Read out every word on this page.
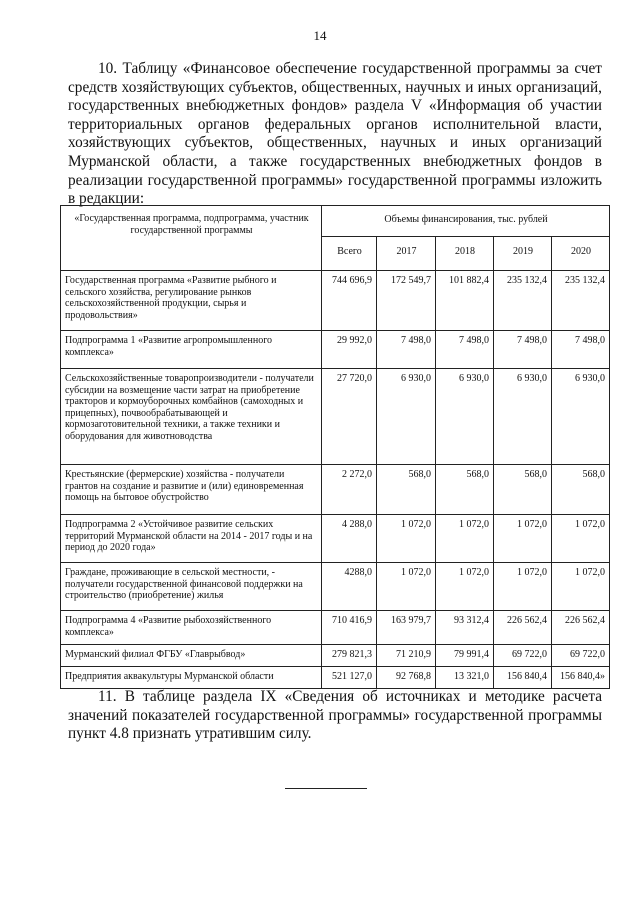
14

10. Таблицу «Финансовое обеспечение государственной программы за счет средств хозяйствующих субъектов, общественных, научных и иных организаций, государственных внебюджетных фондов» раздела V «Информация об участии территориальных органов федеральных органов исполнительной власти, хозяйствующих субъектов, общественных, научных и иных организаций Мурманской области, а также государственных внебюджетных фондов в реализации государственной программы» государственной программы изложить в редакции:

«Государственная программа, подпрограмма, участник государственной программы	Объемы финансирования, тыс. рублей				
	Всего	2017	2018	2019	2020
Государственная программа «Развитие рыбного и сельского хозяйства, регулирование рынков сельскохозяйственной продукции, сырья и продовольствия»	744 696,9	172 549,7	101 882,4	235 132,4	235 132,4
Подпрограмма 1 «Развитие агропромышленного комплекса»	29 992,0	7 498,0	7 498,0	7 498,0	7 498,0
Сельскохозяйственные товаропроизводители - получатели субсидии на возмещение части затрат на приобретение тракторов и кормоуборочных комбайнов (самоходных и прицепных), почвообрабатывающей и кормозаготовительной техники, а также техники и оборудования для животноводства	27 720,0	6 930,0	6 930,0	6 930,0	6 930,0
Крестьянские (фермерские) хозяйства - получатели грантов на создание и развитие и (или) единовременная помощь на бытовое обустройство	2 272,0	568,0	568,0	568,0	568,0
Подпрограмма 2 «Устойчивое развитие сельских территорий Мурманской области на 2014 - 2017 годы и на период до 2020 года»	4 288,0	1 072,0	1 072,0	1 072,0	1 072,0
Граждане, проживающие в сельской местности, - получатели государственной финансовой поддержки на строительство (приобретение) жилья	4288,0	1 072,0	1 072,0	1 072,0	1 072,0
Подпрограмма 4 «Развитие рыбохозяйственного комплекса»	710 416,9	163 979,7	93 312,4	226 562,4	226 562,4
Мурманский филиал ФГБУ «Главрыбвод»	279 821,3	71 210,9	79 991,4	69 722,0	69 722,0
Предприятия аквакультуры Мурманской области	521 127,0	92 768,8	13 321,0	156 840,4	156 840,4»

11. В таблице раздела IX «Сведения об источниках и методике расчета значений показателей государственной программы» государственной программы пункт 4.8 признать утратившим силу.
